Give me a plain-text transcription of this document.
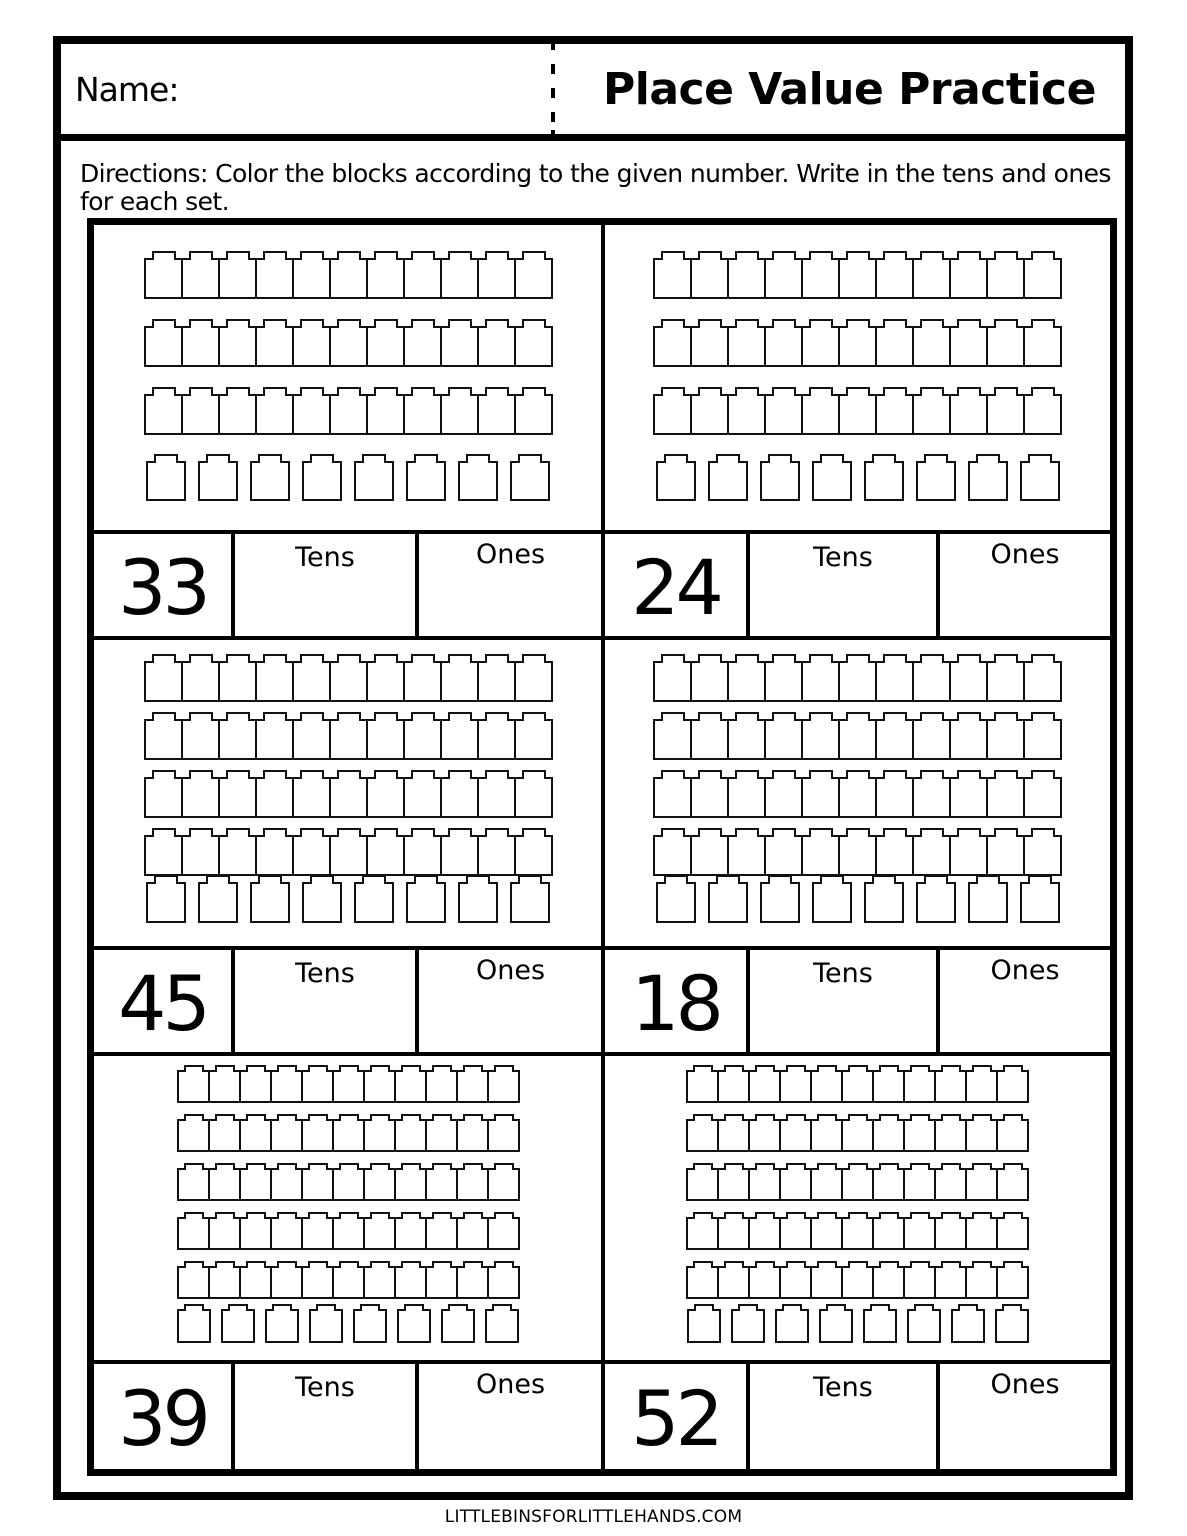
Name:	Place Value Practice
Directions: Color the blocks according to the given number. Write in the tens and ones for each set.
33	Tens	Ones	24	Tens	Ones
45	Tens	Ones	18	Tens	Ones
39	Tens	Ones	52	Tens	Ones
LITTLEBINSFORLITTLEHANDS.COM
